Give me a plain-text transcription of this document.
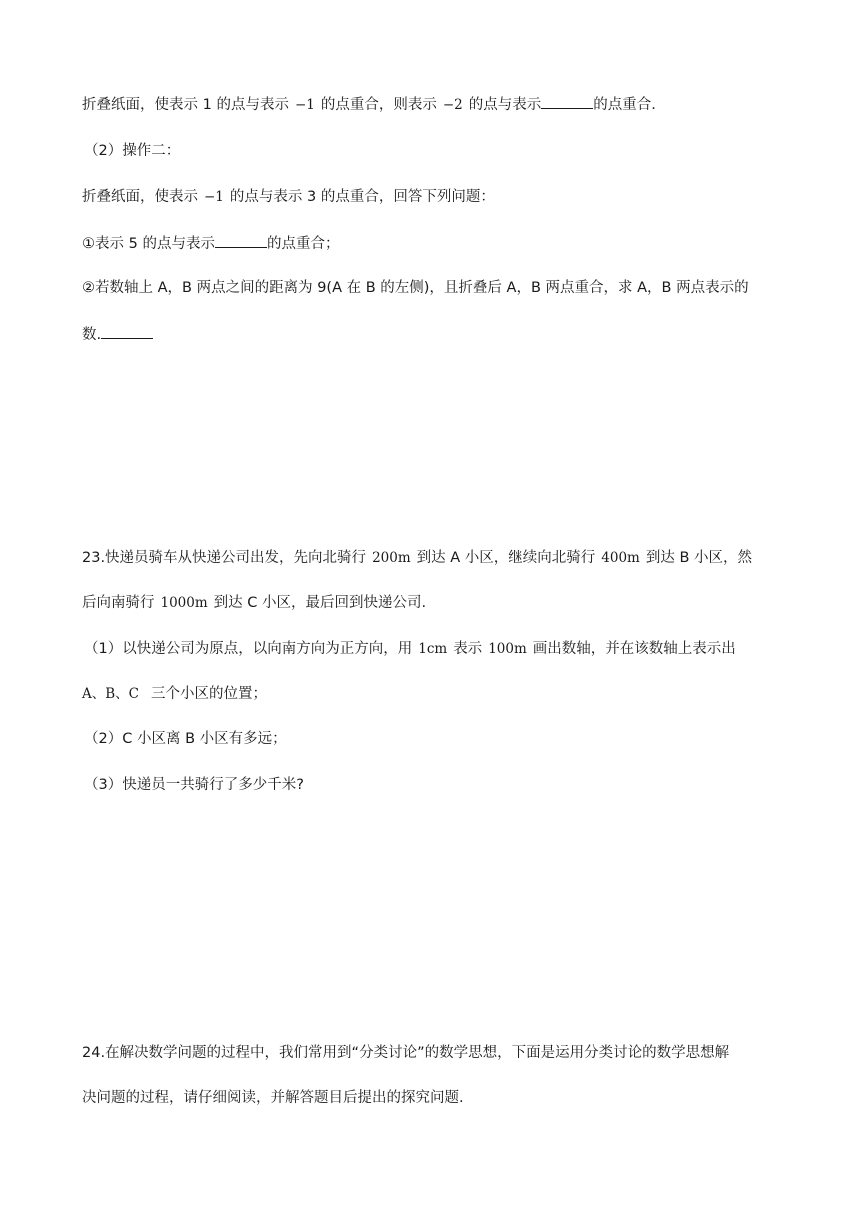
折叠纸面，使表示 1 的点与表示 −1 的点重合，则表示 −2 的点与表示	的点重合.
（2）操作二：
折叠纸面，使表示 −1 的点与表示 3 的点重合，回答下列问题：
①表示 5 的点与表示	的点重合；
②若数轴上 A，B 两点之间的距离为 9(A 在 B 的左侧)，且折叠后 A，B 两点重合，求 A，B 两点表示的
数.
23.快递员骑车从快递公司出发，先向北骑行 200m 到达 A 小区，继续向北骑行 400m 到达 B 小区，然
后向南骑行 1000m 到达 C 小区，最后回到快递公司.
（1）以快递公司为原点，以向南方向为正方向，用 1cm 表示 100m 画出数轴，并在该数轴上表示出
A、B、C 三个小区的位置；
（2）C 小区离 B 小区有多远；
（3）快递员一共骑行了多少千米?
24.在解决数学问题的过程中，我们常用到“分类讨论”的数学思想，下面是运用分类讨论的数学思想解
决问题的过程，请仔细阅读，并解答题目后提出的探究问题.
